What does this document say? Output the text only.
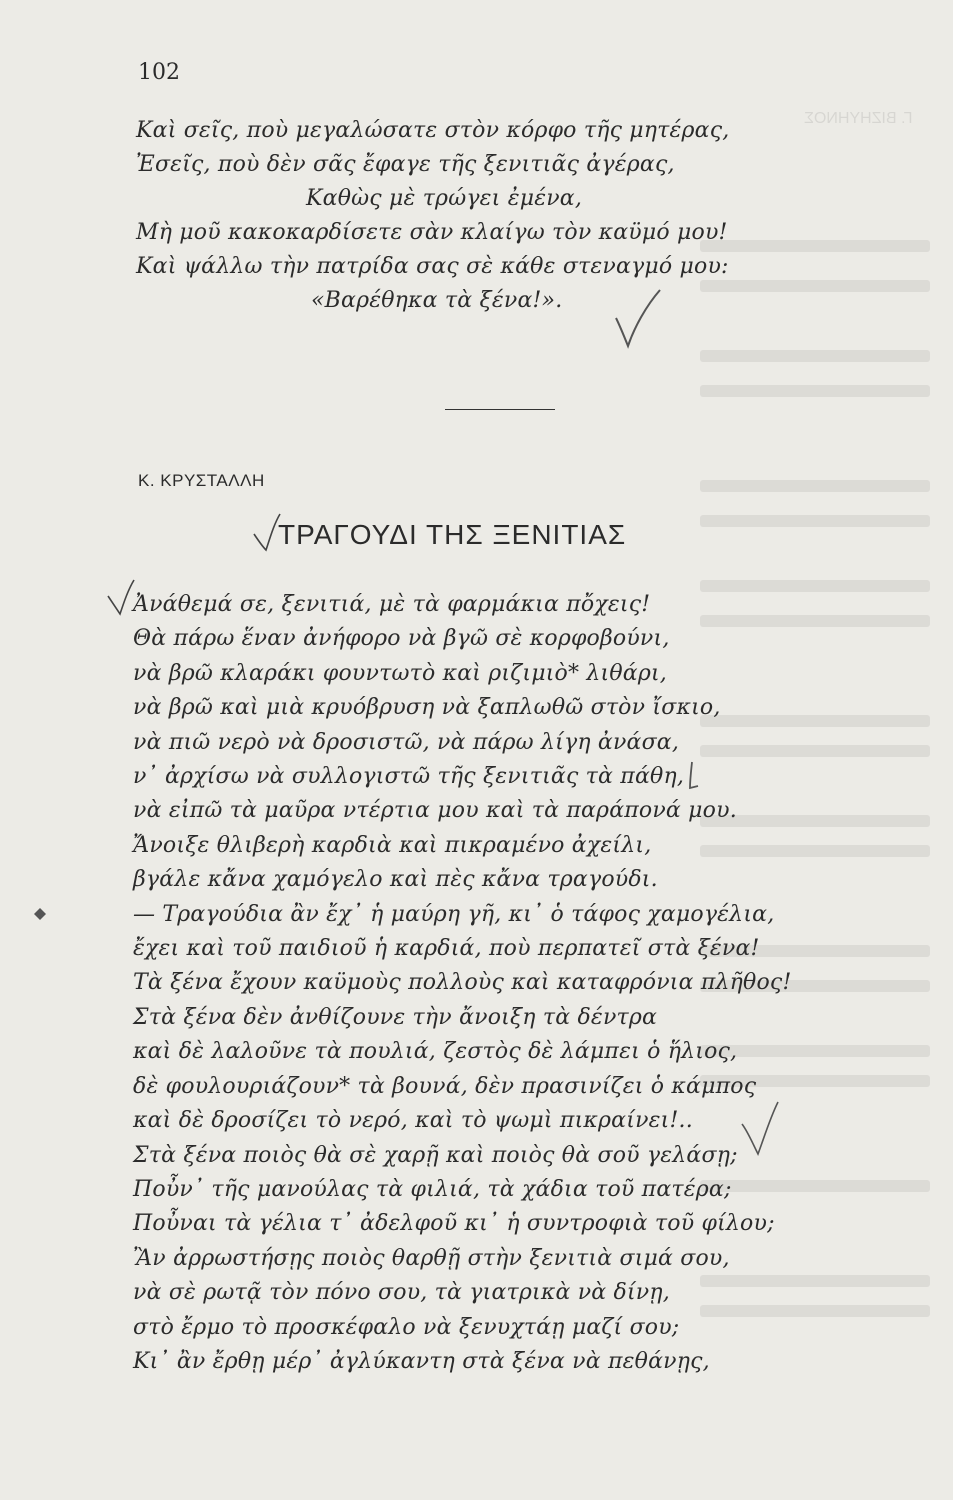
Γ. ΒΙΖΗΥΗΝΟΣ
102
Καὶ σεῖς, ποὺ μεγαλώσατε στὸν κόρφο τῆς μητέρας,
Ἐσεῖς, ποὺ δὲν σᾶς ἔφαγε τῆς ξενιτιᾶς ἀγέρας,
Καθὼς μὲ τρώγει ἐμένα,
Μὴ μοῦ κακοκαρδίσετε σὰν κλαίγω τὸν καϋμό μου!
Καὶ ψάλλω τὴν πατρίδα σας σὲ κάθε στεναγμό μου:
«Βαρέθηκα τὰ ξένα!».
Κ. ΚΡΥΣΤΑΛΛΗ
ΤΡΑΓΟΥΔΙ ΤΗΣ ΞΕΝΙΤΙΑΣ
Ἀνάθεμά σε, ξενιτιά, μὲ τὰ φαρμάκια πὄχεις!
Θὰ πάρω ἕναν ἀνήφορο νὰ βγῶ σὲ κορφοβούνι,
νὰ βρῶ κλαράκι φουντωτὸ καὶ ριζιμιὸ* λιθάρι,
νὰ βρῶ καὶ μιὰ κρυόβρυση νὰ ξαπλωθῶ στὸν ἴσκιο,
νὰ πιῶ νερὸ νὰ δροσιστῶ, νὰ πάρω λίγη ἀνάσα,
ν᾽ ἀρχίσω νὰ συλλογιστῶ τῆς ξενιτιᾶς τὰ πάθη,
νὰ εἰπῶ τὰ μαῦρα ντέρτια μου καὶ τὰ παράπονά μου.
Ἄνοιξε θλιβερὴ καρδιὰ καὶ πικραμένο ἀχείλι,
βγάλε κἄνα χαμόγελο καὶ πὲς κἄνα τραγούδι.
— Τραγούδια ἂν ἔχ᾽ ἡ μαύρη γῆ, κι᾽ ὁ τάφος χαμογέλια,
ἔχει καὶ τοῦ παιδιοῦ ἡ καρδιά, ποὺ περπατεῖ στὰ ξένα!
Τὰ ξένα ἔχουν καϋμοὺς πολλοὺς καὶ καταφρόνια πλῆθος!
Στὰ ξένα δὲν ἀνθίζουνε τὴν ἄνοιξη τὰ δέντρα
καὶ δὲ λαλοῦνε τὰ πουλιά, ζεστὸς δὲ λάμπει ὁ ἥλιος,
δὲ φουλουριάζουν* τὰ βουνά, δὲν πρασινίζει ὁ κάμπος
καὶ δὲ δροσίζει τὸ νερό, καὶ τὸ ψωμὶ πικραίνει!..
Στὰ ξένα ποιὸς θὰ σὲ χαρῇ καὶ ποιὸς θὰ σοῦ γελάσῃ;
Ποὖν᾽ τῆς μανούλας τὰ φιλιά, τὰ χάδια τοῦ πατέρα;
Ποὖναι τὰ γέλια τ᾽ ἀδελφοῦ κι᾽ ἡ συντροφιὰ τοῦ φίλου;
Ἂν ἀρρωστήσῃς ποιὸς θαρθῇ στὴν ξενιτιὰ σιμά σου,
νὰ σὲ ρωτᾷ τὸν πόνο σου, τὰ γιατρικὰ νὰ δίνῃ,
στὸ ἔρμο τὸ προσκέφαλο νὰ ξενυχτάῃ μαζί σου;
Κι᾽ ἂν ἔρθῃ μέρ᾽ ἀγλύκαντη στὰ ξένα νὰ πεθάνῃς,
